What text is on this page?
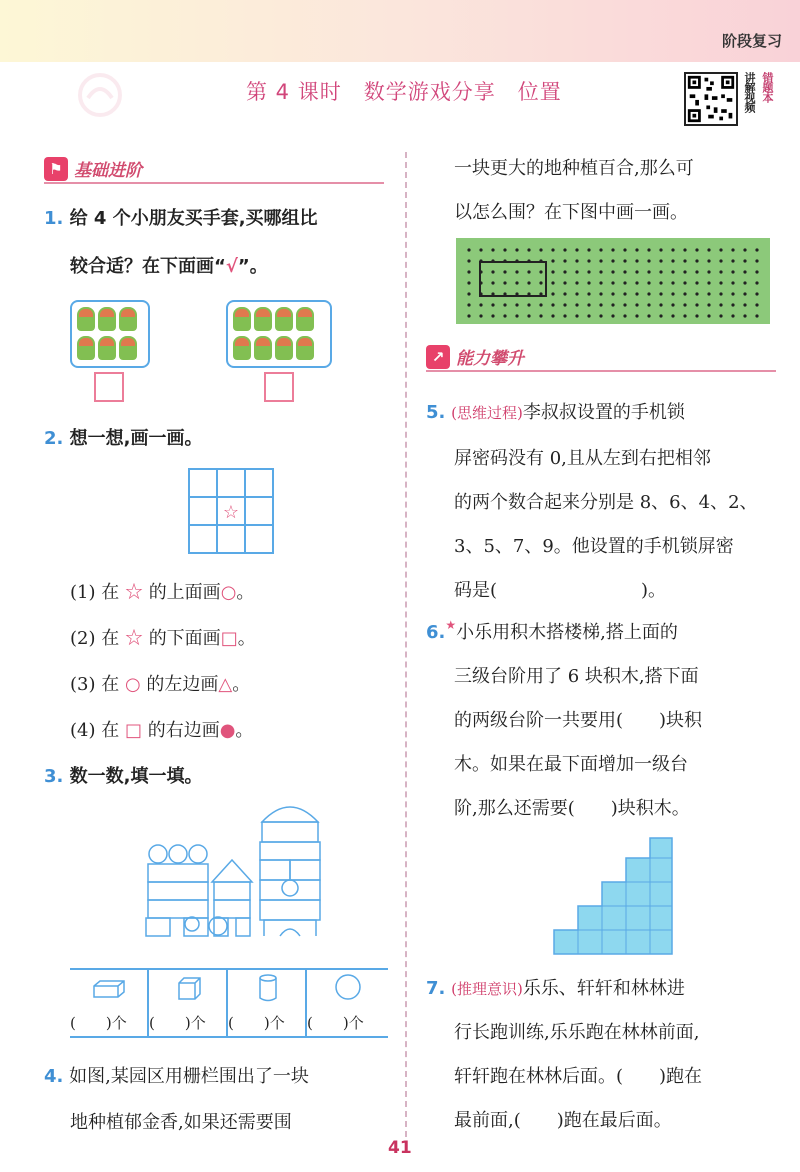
阶段复习
第 4 课时　数学游戏分享　位置	讲解视频 错题本
⚑ 基础进阶
1. 给 4 个小朋友买手套,买哪组比
较合适？在下面画“√”。
2. 想一想,画一画。
☆
(1) 在 ☆ 的上面画○。
(2) 在 ☆ 的下面画□。
(3) 在 ○ 的左边画△。
(4) 在 □ 的右边画●。
3. 数一数,填一填。
(　　)个	(　　)个	(　　)个	(　　)个
4. 如图,某园区用栅栏围出了一块
地种植郁金香,如果还需要围
一块更大的地种植百合,那么可
以怎么围？在下图中画一画。
↗ 能力攀升
5. (思维过程)李叔叔设置的手机锁
屏密码没有 0,且从左到右把相邻
的两个数合起来分别是 8、6、4、2、
3、5、7、9。他设置的手机锁屏密
码是(　　　　　　　　)。
6.★小乐用积木搭楼梯,搭上面的
三级台阶用了 6 块积木,搭下面
的两级台阶一共要用(　　)块积
木。如果在最下面增加一级台
阶,那么还需要(　　)块积木。
7. (推理意识)乐乐、轩轩和林林进
行长跑训练,乐乐跑在林林前面,
轩轩跑在林林后面。(　　)跑在
最前面,(　　)跑在最后面。
41
